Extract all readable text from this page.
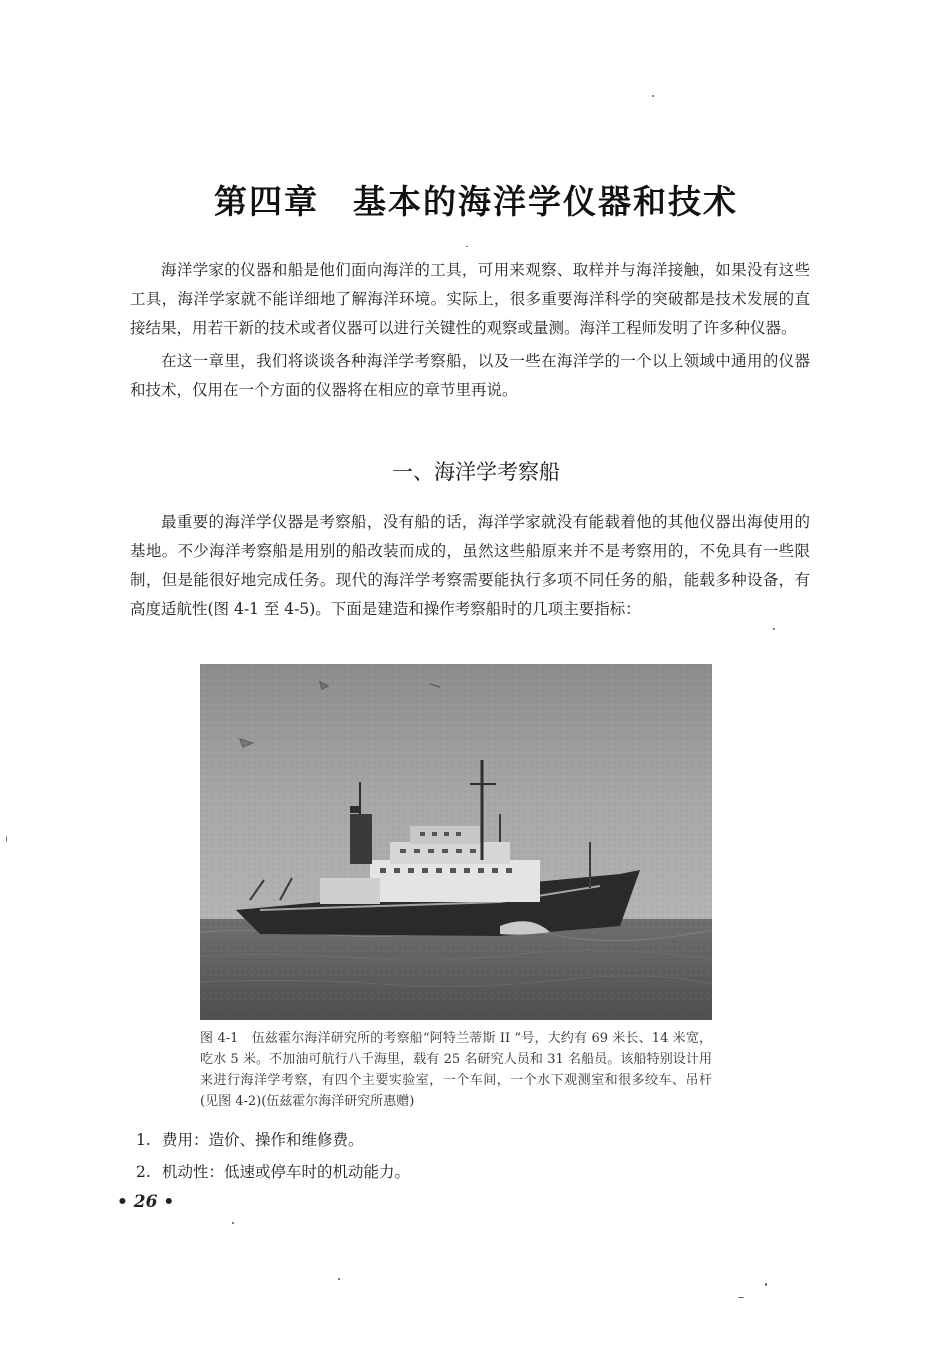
第四章 基本的海洋学仪器和技术

海洋学家的仪器和船是他们面向海洋的工具，可用来观察、取样并与海洋接触，如果没有这些工具，海洋学家就不能详细地了解海洋环境。实际上，很多重要海洋科学的突破都是技术发展的直接结果，用若干新的技术或者仪器可以进行关键性的观察或量测。海洋工程师发明了许多种仪器。

在这一章里，我们将谈谈各种海洋学考察船，以及一些在海洋学的一个以上领域中通用的仪器和技术，仅用在一个方面的仪器将在相应的章节里再说。

一、海洋学考察船

最重要的海洋学仪器是考察船，没有船的话，海洋学家就没有能载着他的其他仪器出海使用的基地。不少海洋考察船是用别的船改装而成的，虽然这些船原来并不是考察用的，不免具有一些限制，但是能很好地完成任务。现代的海洋学考察需要能执行多项不同任务的船，能载多种设备，有高度适航性(图 4-1 至 4-5)。下面是建造和操作考察船时的几项主要指标：

图 4-1　伍兹霍尔海洋研究所的考察船“阿特兰蒂斯 II ”号，大约有 69 米长、14 米宽，吃水 5 米。不加油可航行八千海里，载有 25 名研究人员和 31 名船员。该船特别设计用来进行海洋学考察，有四个主要实验室，一个车间，一个水下观测室和很多绞车、吊杆(见图 4-2)(伍兹霍尔海洋研究所惠赠)
1. 费用：造价、操作和维修费。
2. 机动性：低速或停车时的机动能力。
• 26 •
